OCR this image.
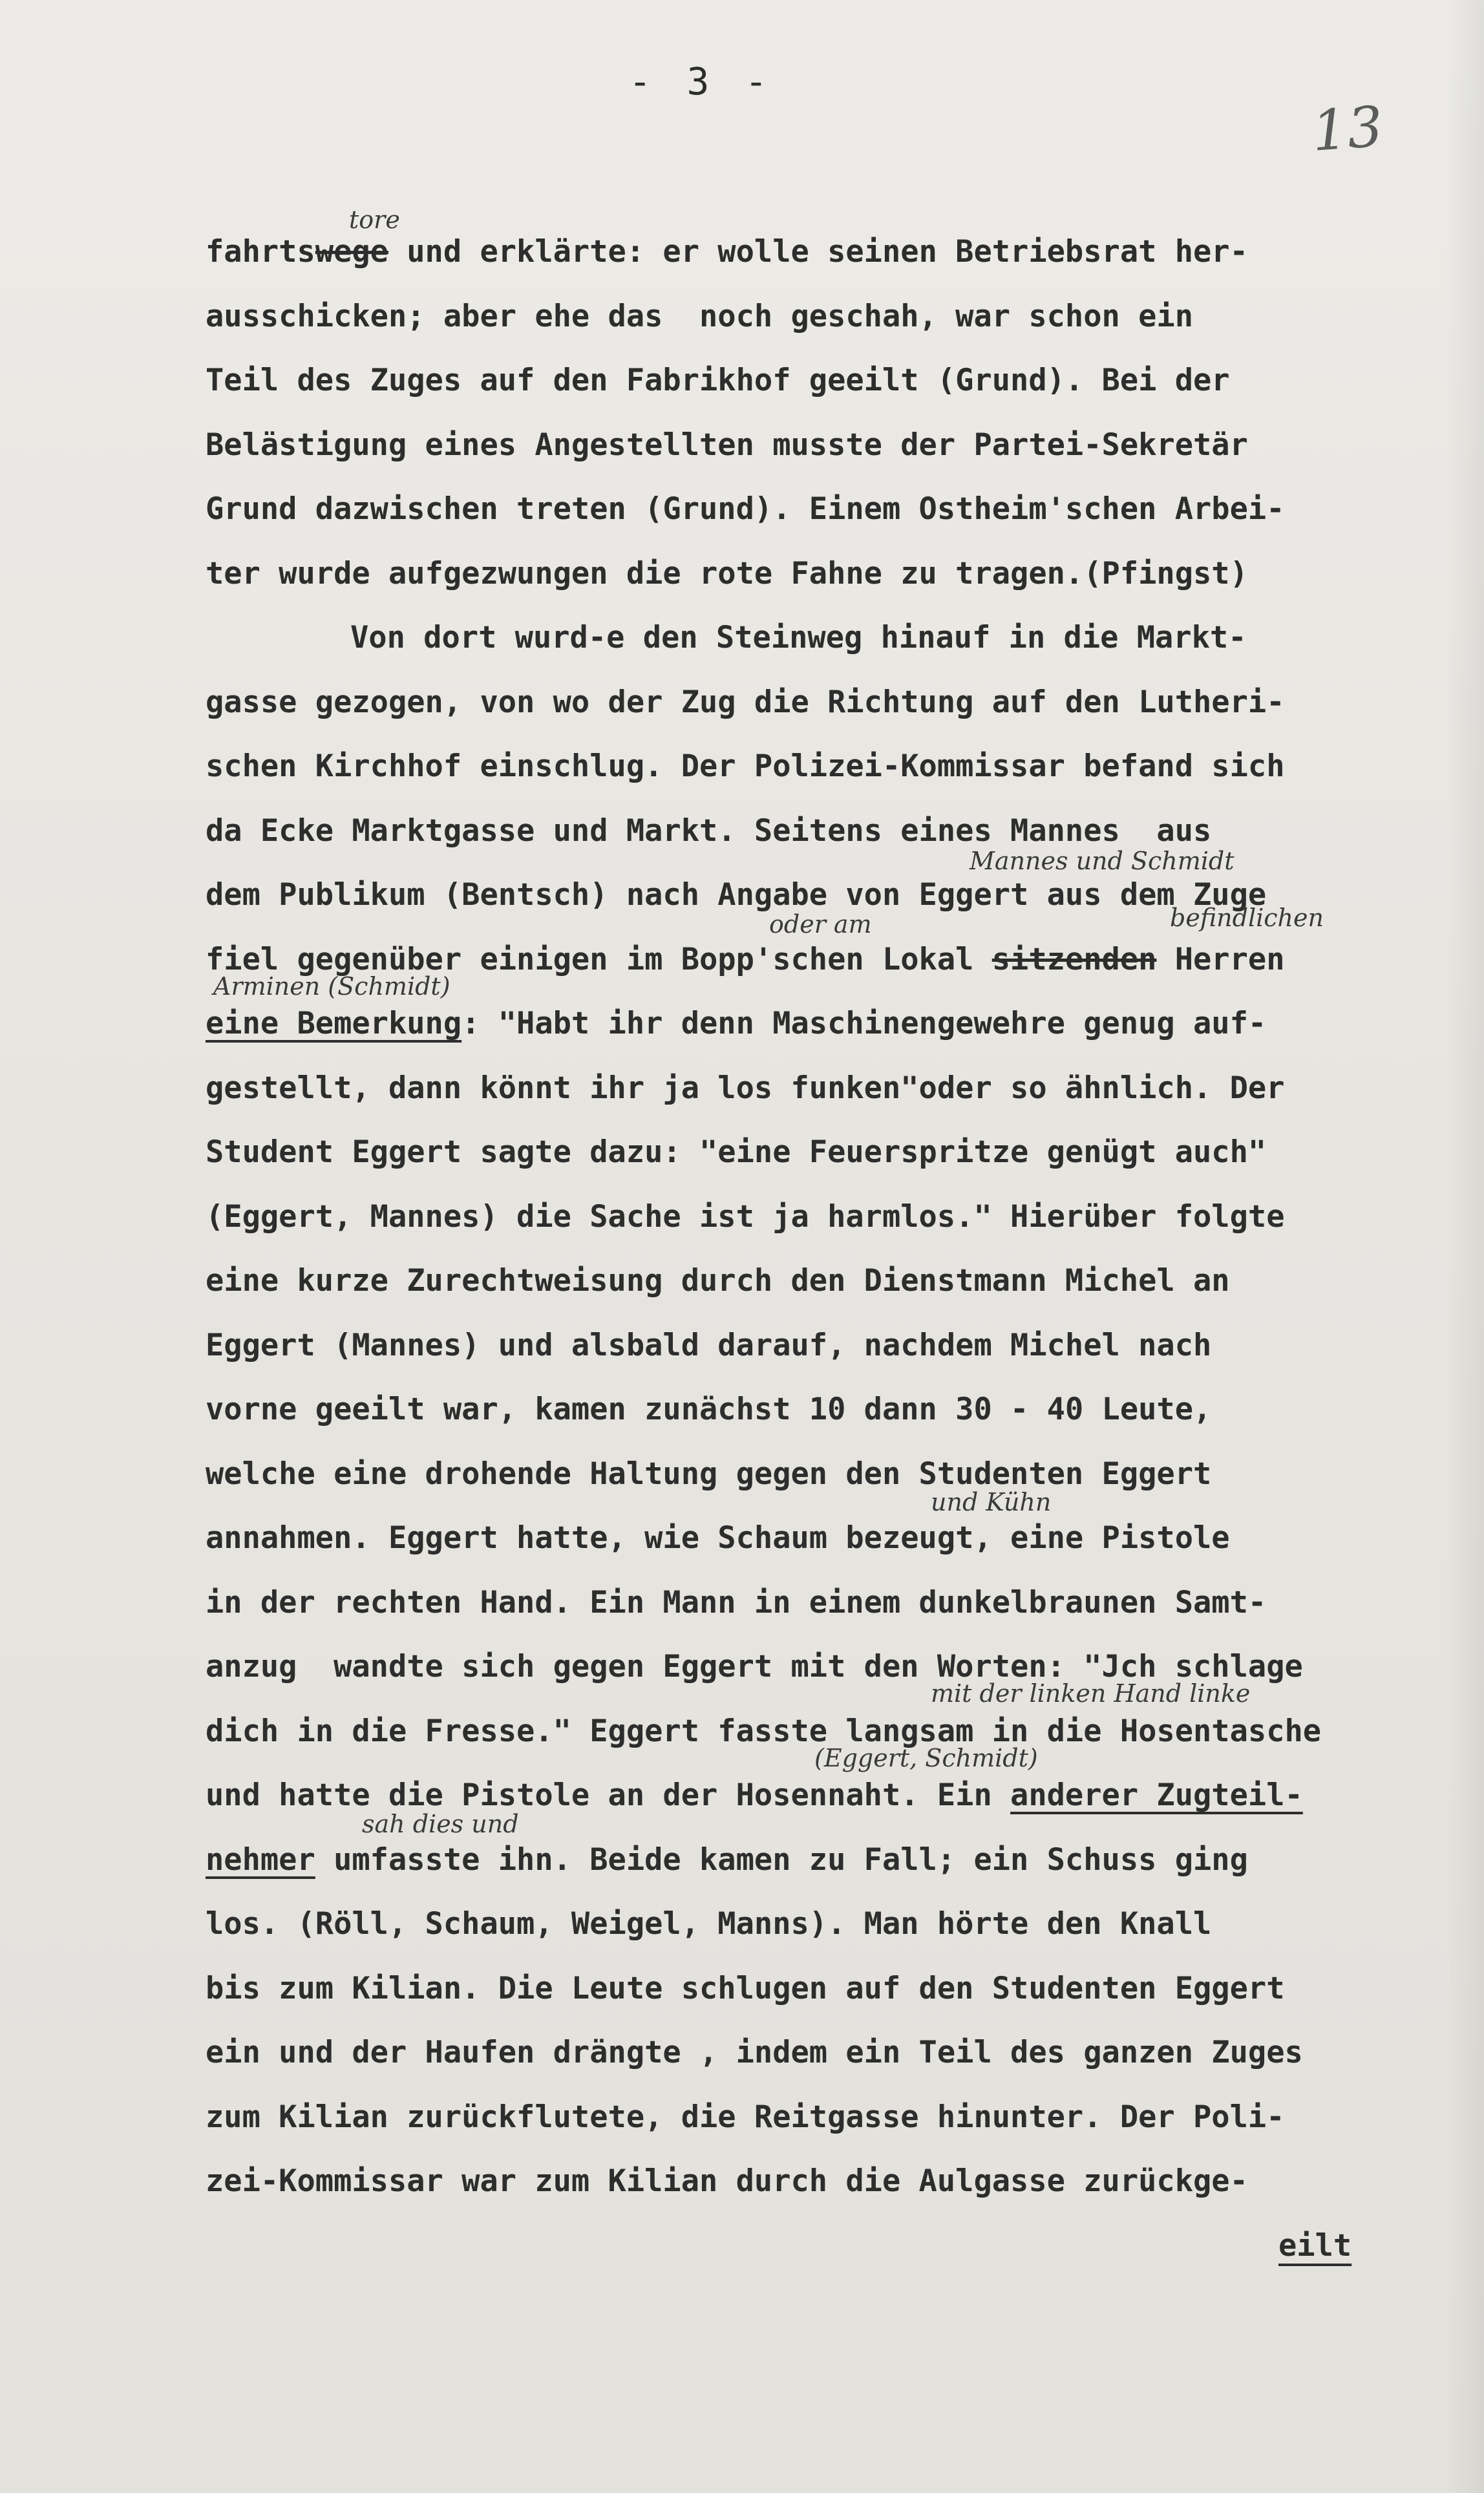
- 3 -
13
fahrtswege und erklärte: er wolle seinen Betriebsrat her-
ausschicken; aber ehe das  noch geschah, war schon ein
Teil des Zuges auf den Fabrikhof geeilt (Grund). Bei der
Belästigung eines Angestellten musste der Partei-Sekretär
Grund dazwischen treten (Grund). Einem Ostheim'schen Arbei-
ter wurde aufgezwungen die rote Fahne zu tragen.(Pfingst)
Von dort wurd-e den Steinweg hinauf in die Markt-
gasse gezogen, von wo der Zug die Richtung auf den Lutheri-
schen Kirchhof einschlug. Der Polizei-Kommissar befand sich
da Ecke Marktgasse und Markt. Seitens eines Mannes  aus
dem Publikum (Bentsch) nach Angabe von Eggert aus dem Zuge
fiel gegenüber einigen im Bopp'schen Lokal sitzenden Herren
eine Bemerkung: "Habt ihr denn Maschinengewehre genug auf-
gestellt, dann könnt ihr ja los funken"oder so ähnlich. Der
Student Eggert sagte dazu: "eine Feuerspritze genügt auch"
(Eggert, Mannes) die Sache ist ja harmlos." Hierüber folgte
eine kurze Zurechtweisung durch den Dienstmann Michel an
Eggert (Mannes) und alsbald darauf, nachdem Michel nach
vorne geeilt war, kamen zunächst 10 dann 30 - 40 Leute,
welche eine drohende Haltung gegen den Studenten Eggert
annahmen. Eggert hatte, wie Schaum bezeugt, eine Pistole
in der rechten Hand. Ein Mann in einem dunkelbraunen Samt-
anzug  wandte sich gegen Eggert mit den Worten: "Jch schlage
dich in die Fresse." Eggert fasste langsam in die Hosentasche
und hatte die Pistole an der Hosennaht. Ein anderer Zugteil-
nehmer umfasste ihn. Beide kamen zu Fall; ein Schuss ging
los. (Röll, Schaum, Weigel, Manns). Man hörte den Knall
bis zum Kilian. Die Leute schlugen auf den Studenten Eggert
ein und der Haufen drängte , indem ein Teil des ganzen Zuges
zum Kilian zurückflutete, die Reitgasse hinunter. Der Poli-
zei-Kommissar war zum Kilian durch die Aulgasse zurückge-
eilt
tore
Mannes und Schmidt
oder am	befindlichen
Arminen (Schmidt)
und Kühn
mit der linken Hand linke
(Eggert, Schmidt)
sah dies und
